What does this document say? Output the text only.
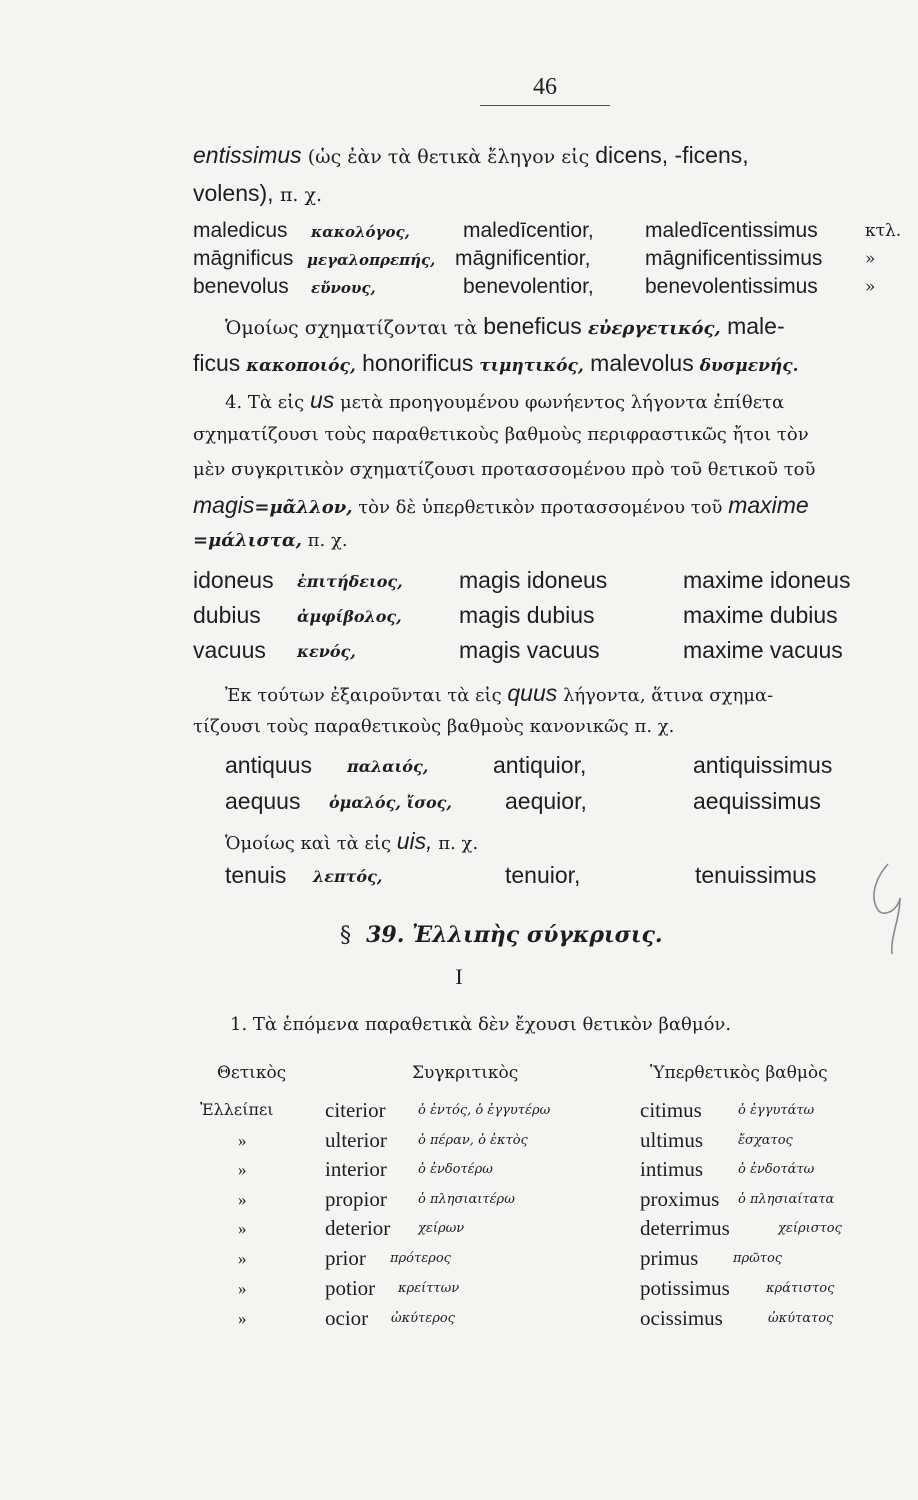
46
entissimus (ὡς ἐὰν τὰ θετικὰ ἔληγον εἰς dicens, -ficens,
volens), π. χ.
maledicus κακολόγος,	maledīcentior, maledīcentissimus	κτλ.
māgnificus μεγαλοπρεπής, māgnificentior,	māgnificentissimus	»
benevolus εὔνους,	benevolentior, benevolentissimus	»
Ὁμοίως σχηματίζονται τὰ beneficus εὐεργετικός, male-
ficus κακοποιός, honorificus τιμητικός, malevolus δυσμενής.
4. Τὰ εἰς us μετὰ προηγουμένου φωνήεντος λήγοντα ἐπίθετα
σχηματίζουσι τοὺς παραθετικοὺς βαθμοὺς περιφραστικῶς ἤτοι τὸν
μὲν συγκριτικὸν σχηματίζουσι προτασσομένου πρὸ τοῦ θετικοῦ τοῦ
magis=μᾶλλον, τὸν δὲ ὑπερθετικὸν προτασσομένου τοῦ maxime
=μάλιστα, π. χ.
idoneus ἐπιτήδειος, magis idoneus	maxime idoneus
dubius ἀμφίβολος, magis dubius	maxime dubius
vacuus κενός,	magis vacuus	maxime vacuus
Ἐκ τούτων ἐξαιροῦνται τὰ εἰς quus λήγοντα, ἅτινα σχημα-
τίζουσι τοὺς παραθετικοὺς βαθμοὺς κανονικῶς π. χ.
antiquus παλαιός,	antiquior,	antiquissimus
aequus ὁμαλός, ἴσος, aequior,	aequissimus
Ὁμοίως καὶ τὰ εἰς uis, π. χ.
tenuis λεπτός,	tenuior,	tenuissimus
§ 39. Ἐλλιπὴς σύγκρισις.
I
1. Τὰ ἑπόμενα παραθετικὰ δὲν ἔχουσι θετικὸν βαθμόν.
Θετικὸς	Συγκριτικὸς	Ὑπερθετικὸς βαθμὸς
Ἐλλείπει citerior ὁ ἐντός, ὁ ἐγγυτέρω	citimus	ὁ ἐγγυτάτω
»	ulterior ὁ πέραν, ὁ ἐκτὸς	ultimus	ἔσχατος
»	interior ὁ ἐνδοτέρω	intimus	ὁ ἐνδοτάτω
»	propior ὁ πλησιαιτέρω	proximus ὁ πλησιαίτατα
»	deterior χείρων	deterrimus	χείριστος
»	prior πρότερος	primus	πρῶτος
»	potior κρείττων	potissimus	κράτιστος
»	ocior ὠκύτερος	ocissimus	ὠκύτατος
